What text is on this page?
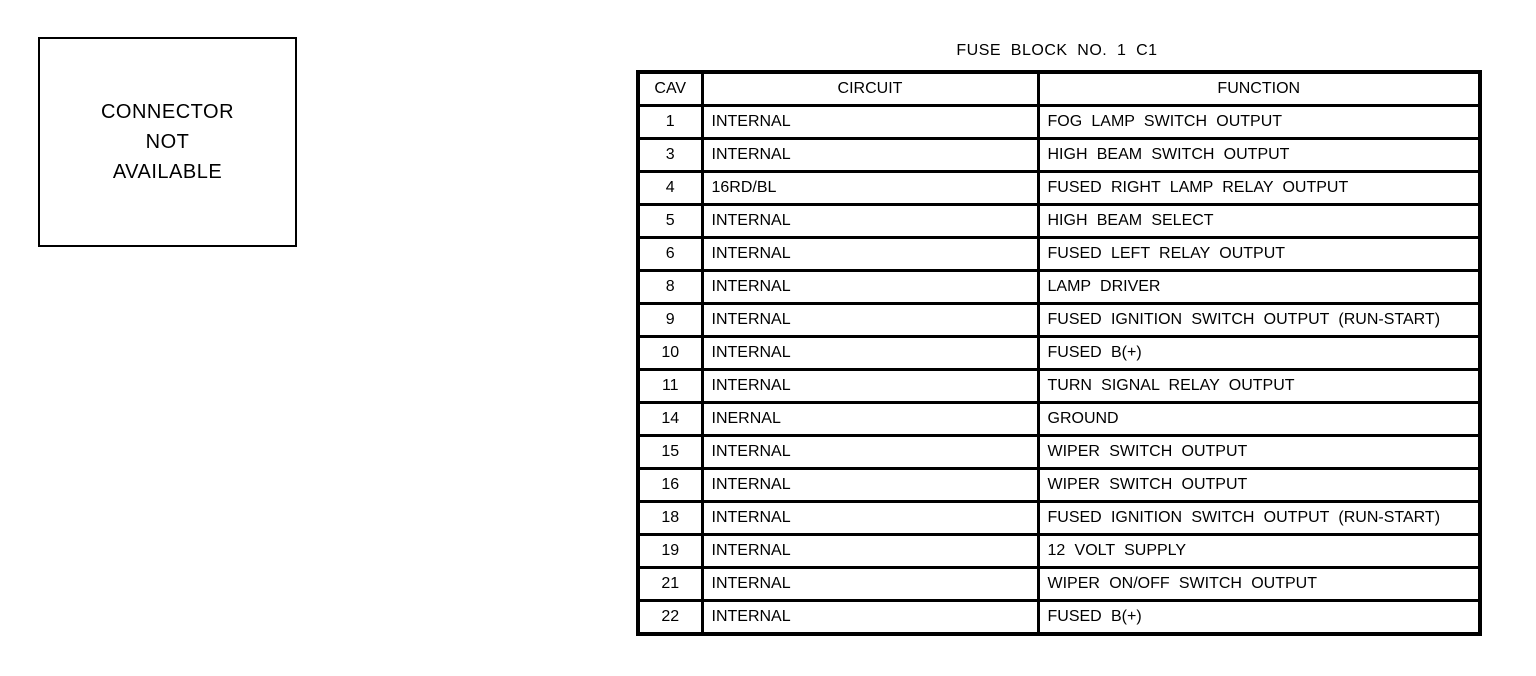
CONNECTOR
NOT
AVAILABLE
FUSE BLOCK NO. 1 C1
CAV	CIRCUIT	FUNCTION
1	INTERNAL	FOG LAMP SWITCH OUTPUT
3	INTERNAL	HIGH BEAM SWITCH OUTPUT
4	16RD/BL	FUSED RIGHT LAMP RELAY OUTPUT
5	INTERNAL	HIGH BEAM SELECT
6	INTERNAL	FUSED LEFT RELAY OUTPUT
8	INTERNAL	LAMP DRIVER
9	INTERNAL	FUSED IGNITION SWITCH OUTPUT (RUN-START)
10	INTERNAL	FUSED B(+)
11	INTERNAL	TURN SIGNAL RELAY OUTPUT
14	INERNAL	GROUND
15	INTERNAL	WIPER SWITCH OUTPUT
16	INTERNAL	WIPER SWITCH OUTPUT
18	INTERNAL	FUSED IGNITION SWITCH OUTPUT (RUN-START)
19	INTERNAL	12 VOLT SUPPLY
21	INTERNAL	WIPER ON/OFF SWITCH OUTPUT
22	INTERNAL	FUSED B(+)
